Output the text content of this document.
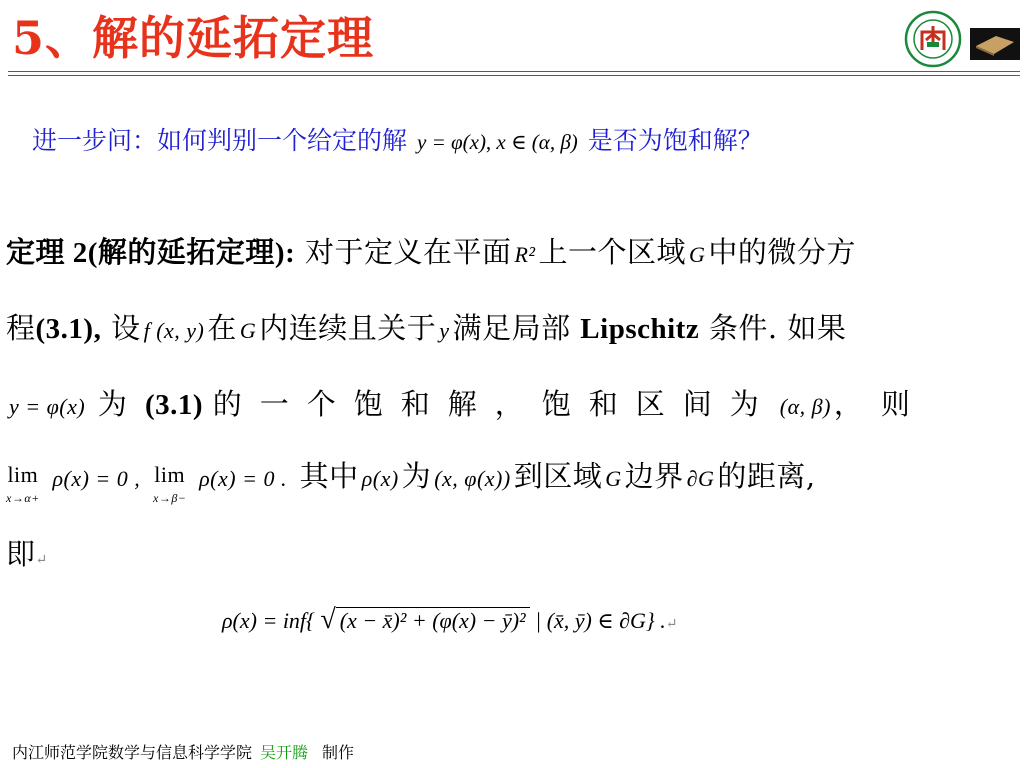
5、解的延拓定理
进一步问：如何判别一个给定的解 y = φ(x), x ∈ (α, β) 是否为饱和解？
定理 2(解的延拓定理): 对于定义在平面 R² 上一个区域 G 中的微分方
程(3.1), 设 f (x, y) 在 G 内连续且关于 y 满足局部 Lipschitz 条件. 如果
y = φ(x) 为(3.1) 的一个饱和解，饱和区间为 (α, β) ，则
lim
x→α+
ρ(x) = 0 , lim
x→β−
ρ(x) = 0 . 其中 ρ(x) 为 (x, φ(x)) 到区域 G 边界 ∂G 的距离,
即↵
ρ(x) = inf{ √ (x − x̄)² + (φ(x) − ȳ)² | (x̄, ȳ) ∈ ∂G} .↵
内江师范学院数学与信息科学学院 吴开腾 制作
